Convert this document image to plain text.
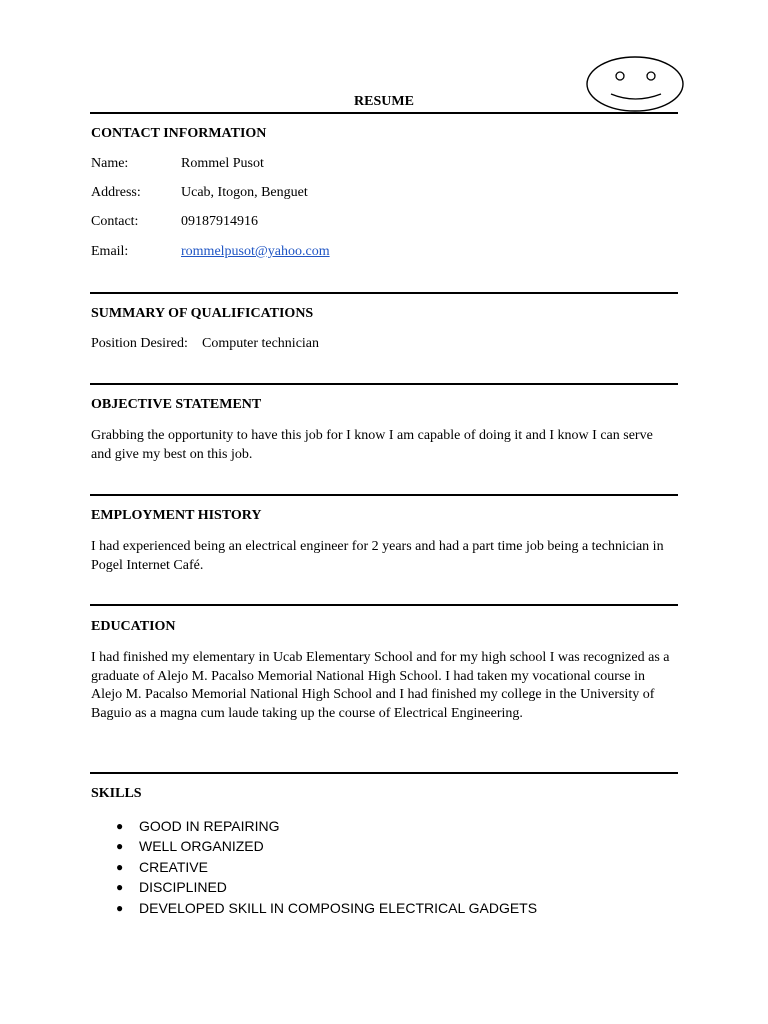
RESUME
CONTACT INFORMATION
Name:	Rommel Pusot
Address:	Ucab, Itogon, Benguet
Contact:	09187914916
Email:	rommelpusot@yahoo.com
SUMMARY OF QUALIFICATIONS
Position Desired: Computer technician
OBJECTIVE STATEMENT
Grabbing the opportunity to have this job for I know I am capable of doing it and I know I can serve and give my best on this job.
EMPLOYMENT HISTORY
I had experienced being an electrical engineer for 2 years and had a part time job being a technician in Pogel Internet Café.
EDUCATION
I had finished my elementary in Ucab Elementary School and for my high school I was recognized as a graduate of Alejo M. Pacalso Memorial National High School. I had taken my vocational course in Alejo M. Pacalso Memorial National High School and I had finished my college in the University of Baguio as a magna cum laude taking up the course of Electrical Engineering.
SKILLS
● GOOD IN REPAIRING
● WELL ORGANIZED
● CREATIVE
● DISCIPLINED
● DEVELOPED SKILL IN COMPOSING ELECTRICAL GADGETS
